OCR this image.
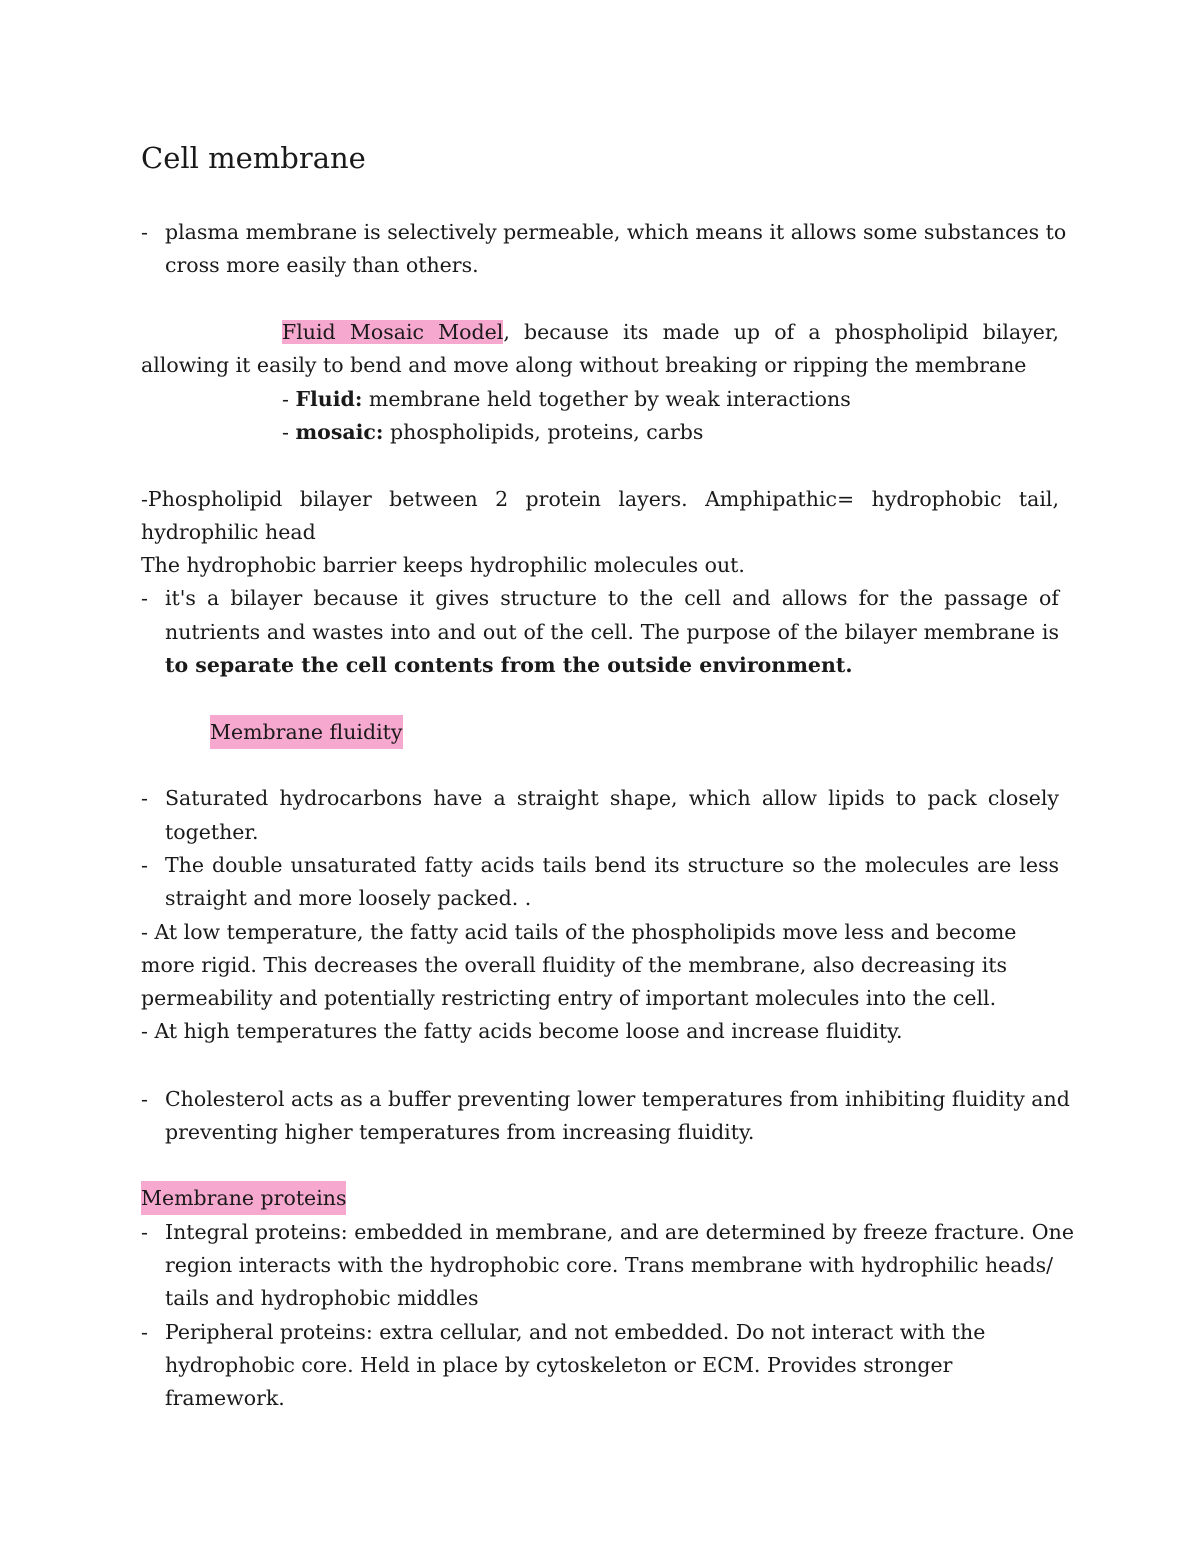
Cell membrane
- plasma membrane is selectively permeable, which means it allows some substances to
cross more easily than others.
Fluid Mosaic Model, because its made up of a phospholipid bilayer,
allowing it easily to bend and move along without breaking or ripping the membrane
- Fluid: membrane held together by weak interactions
- mosaic: phospholipids, proteins, carbs
-Phospholipid bilayer between 2 protein layers. Amphipathic= hydrophobic tail,
hydrophilic head
The hydrophobic barrier keeps hydrophilic molecules out.
- it's a bilayer because it gives structure to the cell and allows for the passage of
nutrients and wastes into and out of the cell. The purpose of the bilayer membrane is
to separate the cell contents from the outside environment.
Membrane fluidity
- Saturated hydrocarbons have a straight shape, which allow lipids to pack closely
together.
- The double unsaturated fatty acids tails bend its structure so the molecules are less
straight and more loosely packed. .
- At low temperature, the fatty acid tails of the phospholipids move less and become
more rigid. This decreases the overall fluidity of the membrane, also decreasing its
permeability and potentially restricting entry of important molecules into the cell.
- At high temperatures the fatty acids become loose and increase fluidity.
- Cholesterol acts as a buffer preventing lower temperatures from inhibiting fluidity and
preventing higher temperatures from increasing fluidity.
Membrane proteins
- Integral proteins: embedded in membrane, and are determined by freeze fracture. One
region interacts with the hydrophobic core. Trans membrane with hydrophilic heads/
tails and hydrophobic middles
- Peripheral proteins: extra cellular, and not embedded. Do not interact with the
hydrophobic core. Held in place by cytoskeleton or ECM. Provides stronger
framework.
